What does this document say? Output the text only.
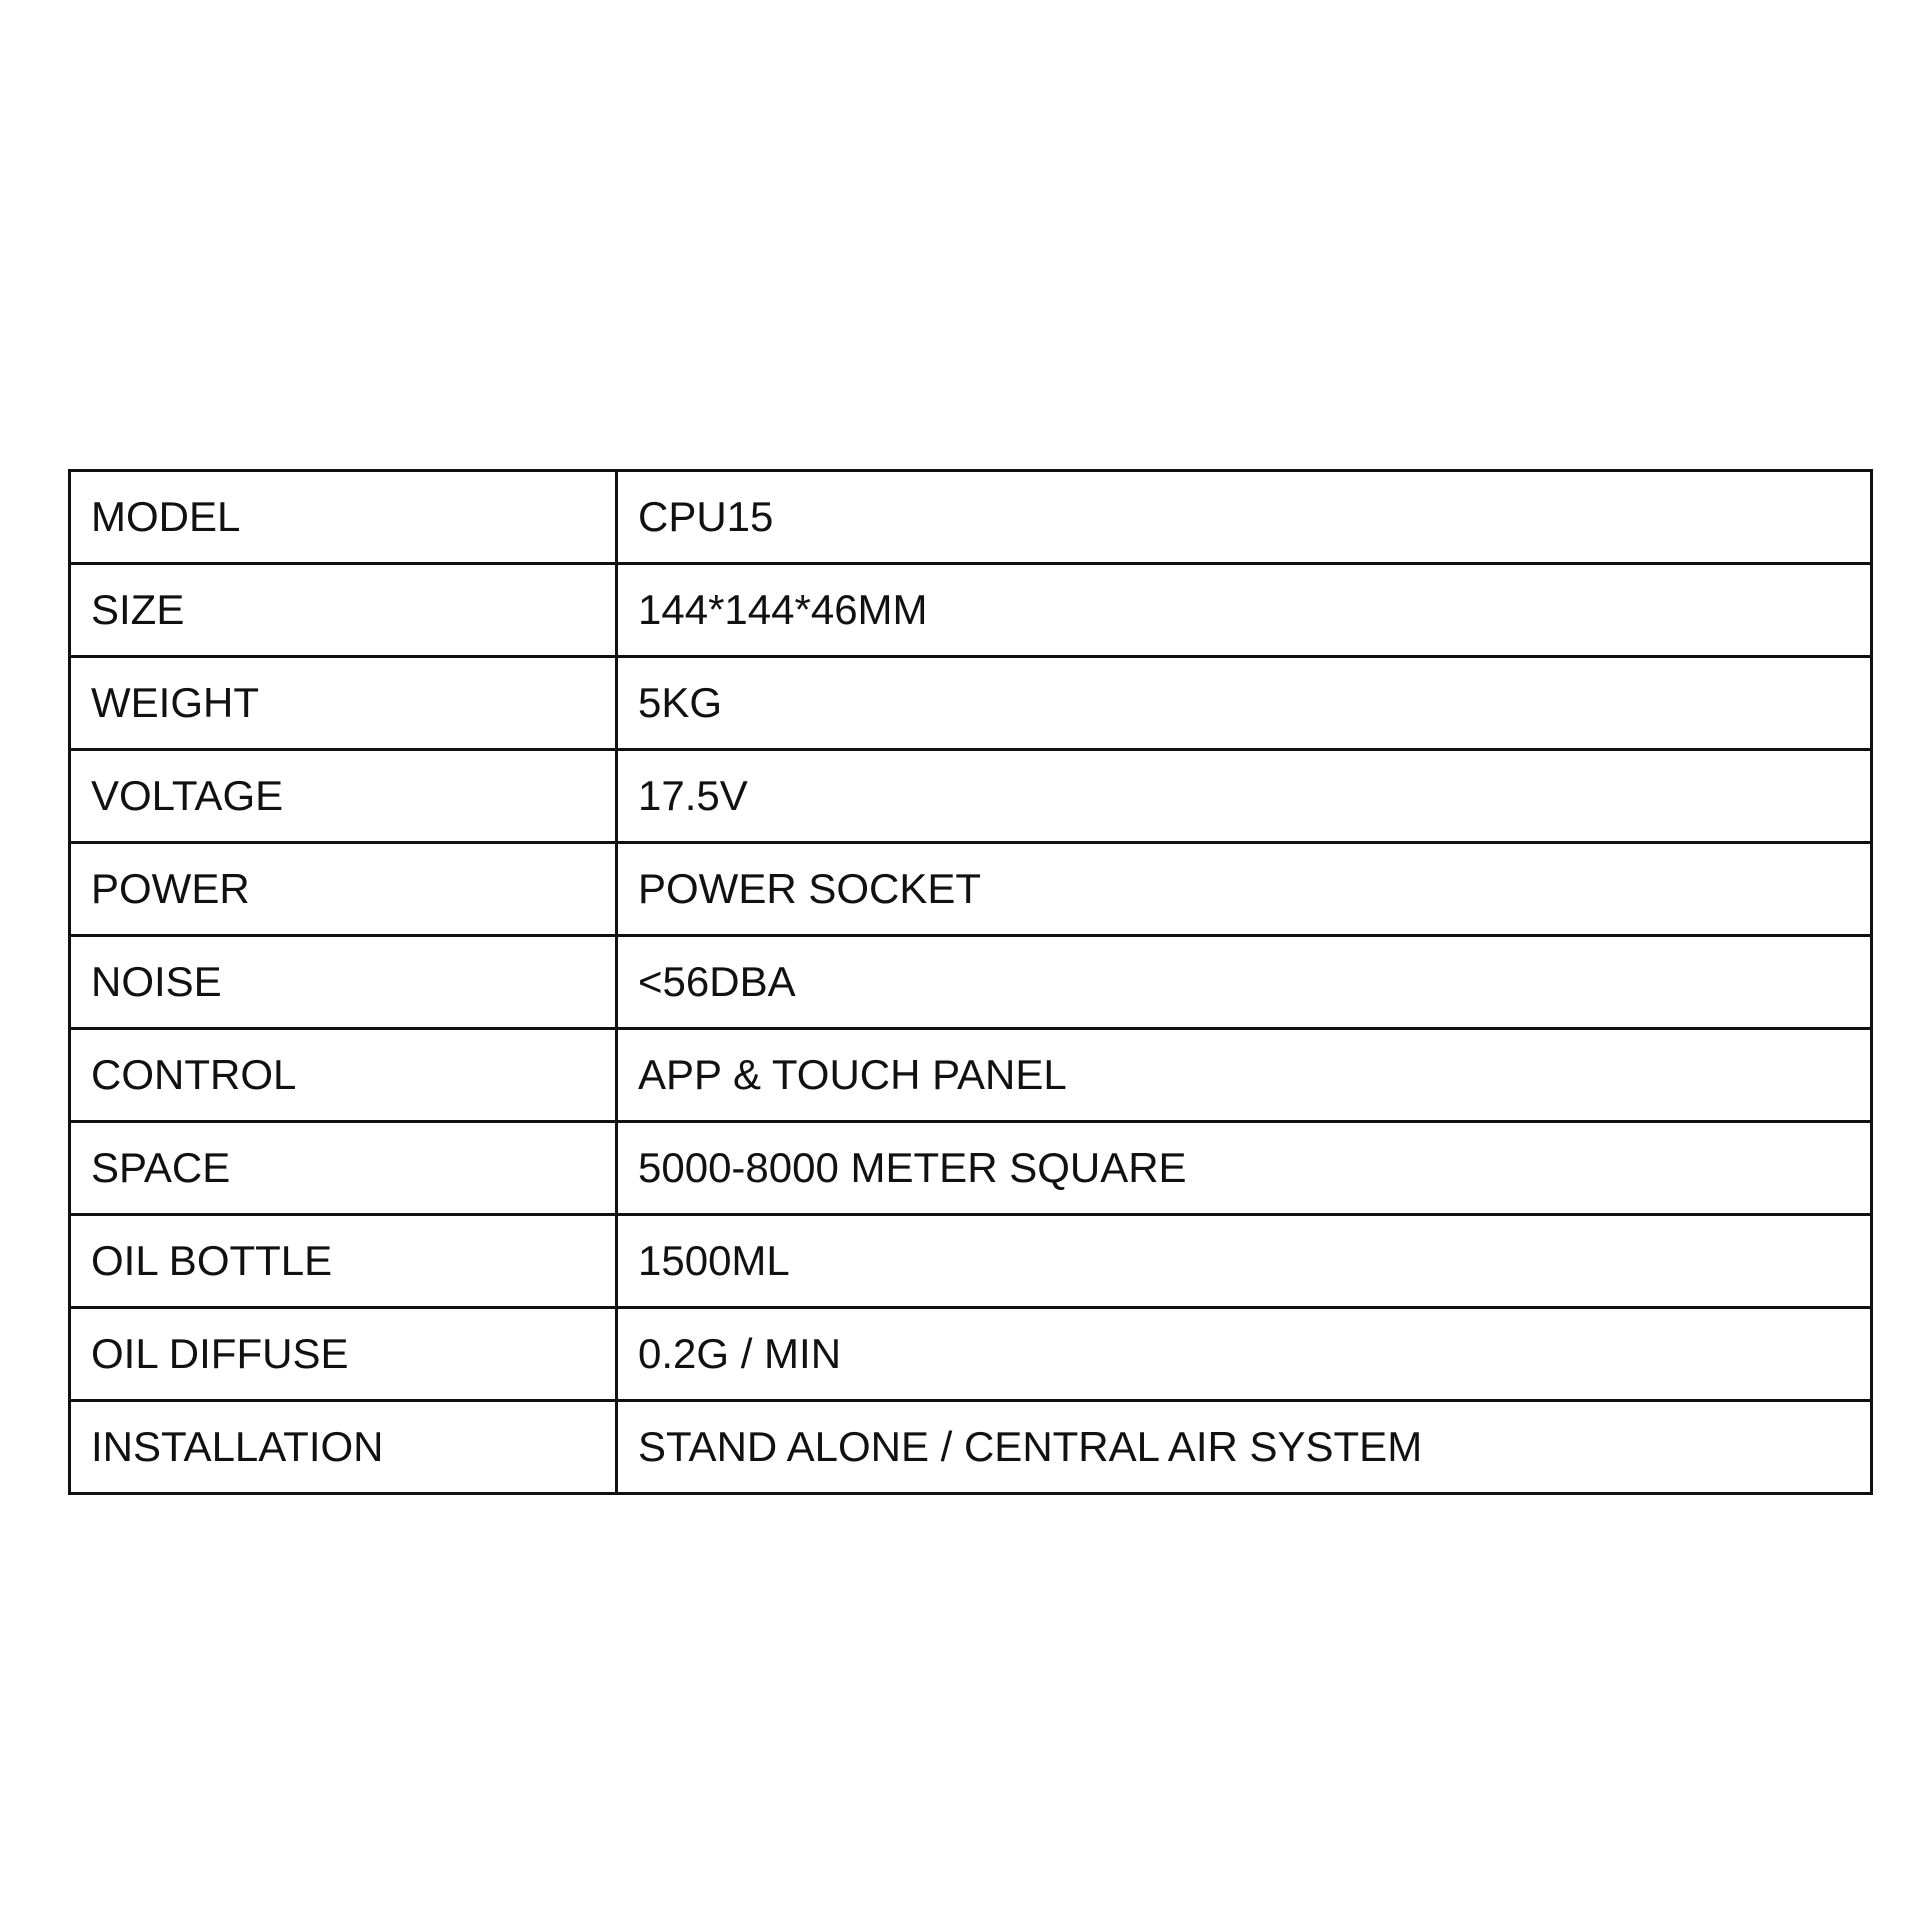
MODEL	CPU15
SIZE	144*144*46MM
WEIGHT	5KG
VOLTAGE	17.5V
POWER	POWER SOCKET
NOISE	<56DBA
CONTROL	APP & TOUCH PANEL
SPACE	5000-8000 METER SQUARE
OIL BOTTLE	1500ML
OIL DIFFUSE	0.2G / MIN
INSTALLATION	STAND ALONE / CENTRAL AIR SYSTEM
